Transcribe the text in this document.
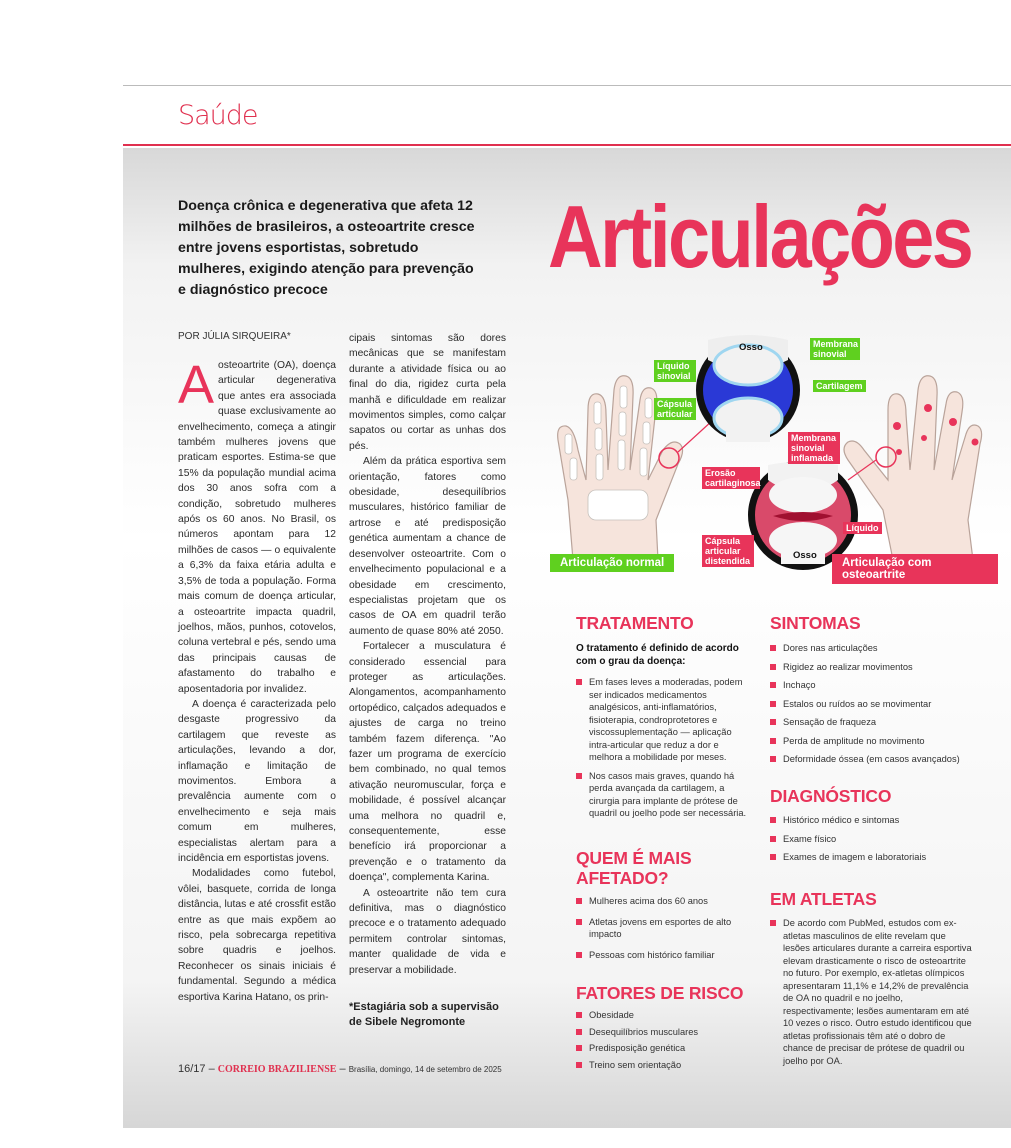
Saúde
Doença crônica e degenerativa que afeta 12 milhões de brasileiros, a osteoartrite cresce entre jovens esportistas, sobretudo mulheres, exigindo atenção para prevenção e diagnóstico precoce
Articulações
POR JÚLIA SIRQUEIRA*

Aosteoartrite (OA), doença articular degenerativa que antes era associada quase exclusivamente ao envelhecimento, começa a atingir também mulheres jovens que praticam esportes. Estima-se que 15% da população mundial acima dos 30 anos sofra com a condição, sobretudo mulheres após os 60 anos. No Brasil, os números apontam para 12 milhões de casos — o equivalente a 6,3% da faixa etária adulta e 3,5% de toda a população. Forma mais comum de doença articular, a osteoartrite impacta quadril, joelhos, mãos, punhos, cotovelos, coluna vertebral e pés, sendo uma das principais causas de afastamento do trabalho e aposentadoria por invalidez.

A doença é caracterizada pelo desgaste progressivo da cartilagem que reveste as articulações, levando a dor, inflamação e limitação de movimentos. Embora a prevalência aumente com o envelhecimento e seja mais comum em mulheres, especialistas alertam para a incidência em esportistas jovens.

Modalidades como futebol, vôlei, basquete, corrida de longa distância, lutas e até crossfit estão entre as que mais expõem ao risco, pela sobrecarga repetitiva sobre quadris e joelhos. Reconhecer os sinais iniciais é fundamental. Segundo a médica esportiva Karina Hatano, os prin-

cipais sintomas são dores mecânicas que se manifestam durante a atividade física ou ao final do dia, rigidez curta pela manhã e dificuldade em realizar movimentos simples, como calçar sapatos ou cortar as unhas dos pés.

Além da prática esportiva sem orientação, fatores como obesidade, desequilíbrios musculares, histórico familiar de artrose e até predisposição genética aumentam a chance de desenvolver osteoartrite. Com o envelhecimento populacional e a obesidade em crescimento, especialistas projetam que os casos de OA em quadril terão aumento de quase 80% até 2050.

Fortalecer a musculatura é considerado essencial para proteger as articulações. Alongamentos, acompanhamento ortopédico, calçados adequados e ajustes de carga no treino também fazem diferença. "Ao fazer um programa de exercício bem combinado, no qual temos ativação neuromuscular, força e mobilidade, é possível alcançar uma melhora no quadril e, consequentemente, esse benefício irá proporcionar a prevenção e o tratamento da doença", complementa Karina.

A osteoartrite não tem cura definitiva, mas o diagnóstico precoce e o tratamento adequado permitem controlar sintomas, manter qualidade de vida e preservar a mobilidade.

*Estagiária sob a supervisão de Sibele Negromonte
16/17 – CORREIO BRAZILIENSE – Brasília, domingo, 14 de setembro de 2025
Osso
Líquido sinovial
Cápsula articular
Membrana sinovial
Cartilagem
Membrana sinovial inflamada
Erosão cartilaginosa
Líquido
Cápsula articular distendida	Osso
Articulação normal	Articulação com osteoartrite
TRATAMENTO
O tratamento é definido de acordo com o grau da doença:
Em fases leves a moderadas, podem ser indicados medicamentos analgésicos, anti-inflamatórios, fisioterapia, condroprotetores e viscossuplementação — aplicação intra-articular que reduz a dor e melhora a mobilidade por meses.
Nos casos mais graves, quando há perda avançada da cartilagem, a cirurgia para implante de prótese de quadril ou joelho pode ser necessária.
QUEM É MAIS AFETADO?
Mulheres acima dos 60 anos
Atletas jovens em esportes de alto impacto
Pessoas com histórico familiar
FATORES DE RISCO
Obesidade
Desequilíbrios musculares
Predisposição genética
Treino sem orientação
SINTOMAS
Dores nas articulações
Rigidez ao realizar movimentos
Inchaço
Estalos ou ruídos ao se movimentar
Sensação de fraqueza
Perda de amplitude no movimento
Deformidade óssea (em casos avançados)
DIAGNÓSTICO
Histórico médico e sintomas
Exame físico
Exames de imagem e laboratoriais
EM ATLETAS
De acordo com PubMed, estudos com ex-atletas masculinos de elite revelam que lesões articulares durante a carreira esportiva elevam drasticamente o risco de osteoartrite no futuro. Por exemplo, ex-atletas olímpicos apresentaram 11,1% e 14,2% de prevalência de OA no quadril e no joelho, respectivamente; lesões aumentaram em até 10 vezes o risco. Outro estudo identificou que atletas profissionais têm até o dobro de chance de precisar de prótese de quadril ou joelho por OA.
